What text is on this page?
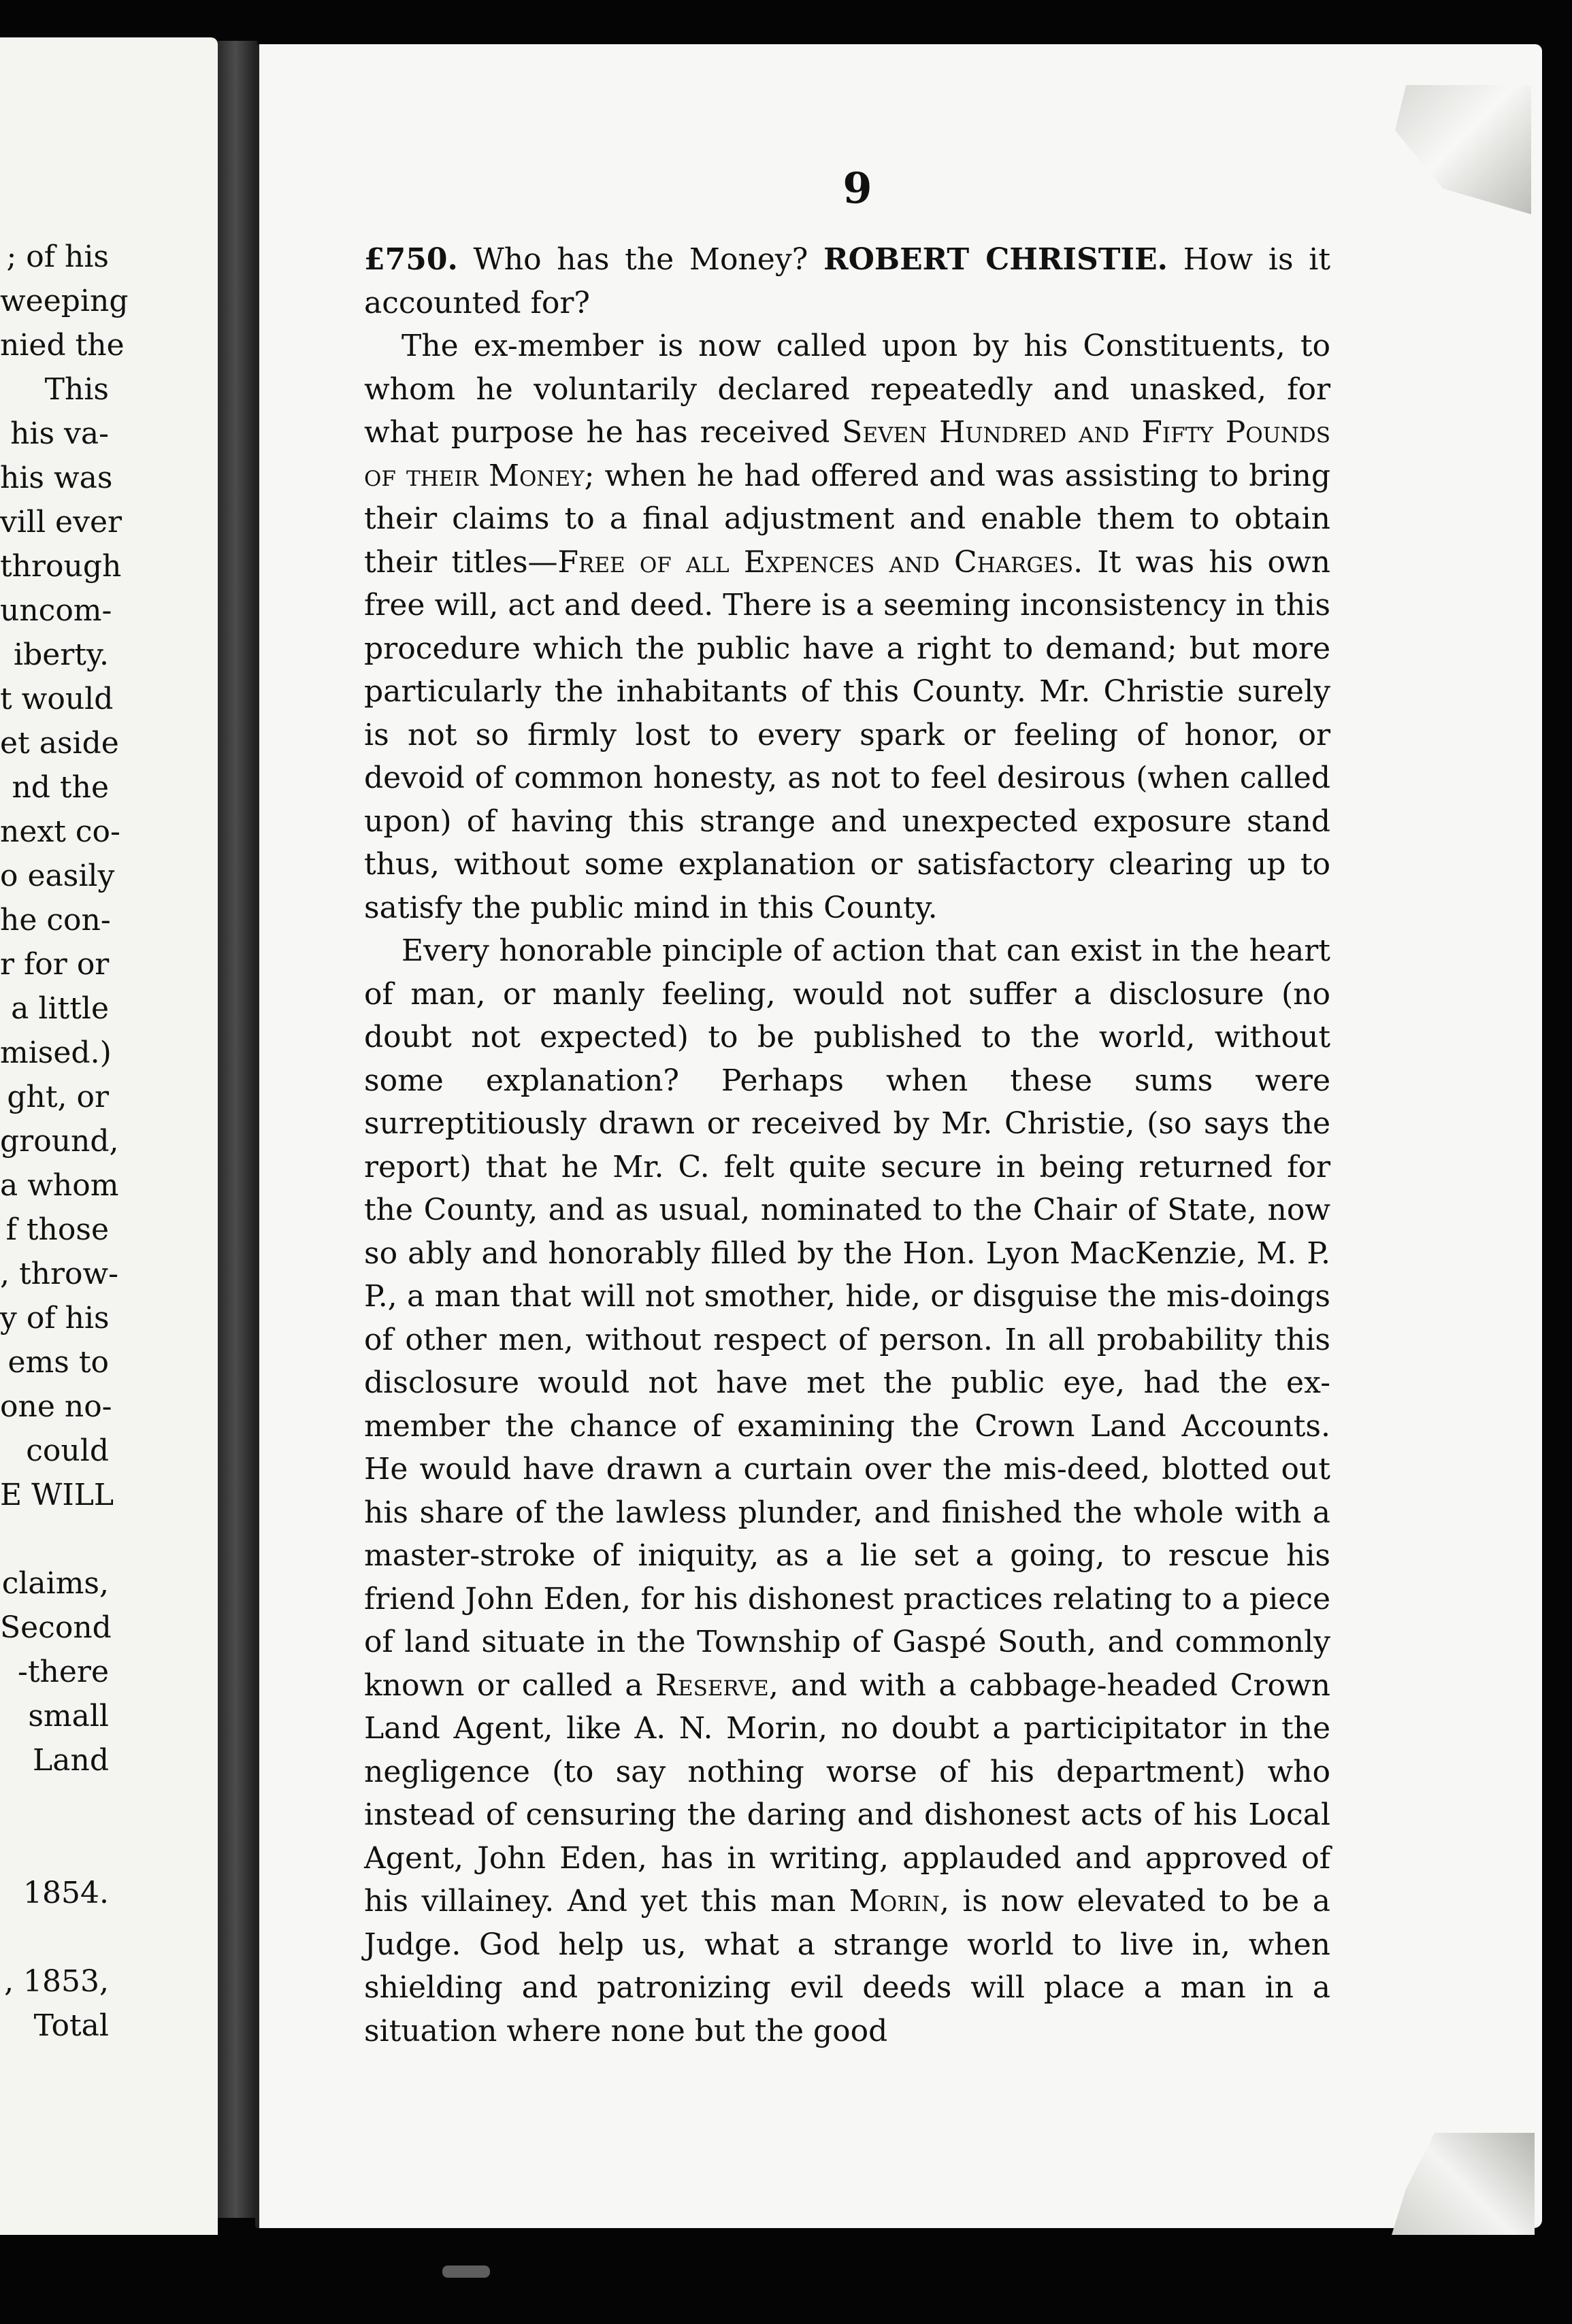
; of his
weeping
nied the
This
his va-
his was
vill ever
through
uncom-
iberty.
t would
et aside
nd the
next co-
o easily
he con-
r for or
a little
mised.)
ght, or
ground,
a whom
f those
, throw-
y of his
ems to
one no-
could
E WILL
claims,
Second
-there
small
Land
1854.
, 1853,
Total
9

£750. Who has the Money? ROBERT CHRISTIE. How is it accounted for?

The ex-member is now called upon by his Constituents, to whom he voluntarily declared repeatedly and unasked, for what purpose he has received Seven Hundred and Fifty Pounds of their Money; when he had offered and was assisting to bring their claims to a final adjustment and enable them to obtain their titles—Free of all Expences and Charges. It was his own free will, act and deed. There is a seeming inconsistency in this procedure which the public have a right to demand; but more particularly the inhabitants of this County. Mr. Christie surely is not so firmly lost to every spark or feeling of honor, or devoid of common honesty, as not to feel desirous (when called upon) of having this strange and unexpected exposure stand thus, without some explanation or satisfactory clearing up to satisfy the public mind in this County.

Every honorable pinciple of action that can exist in the heart of man, or manly feeling, would not suffer a disclosure (no doubt not expected) to be published to the world, without some explanation? Perhaps when these sums were surreptitiously drawn or received by Mr. Christie, (so says the report) that he Mr. C. felt quite secure in being returned for the County, and as usual, nominated to the Chair of State, now so ably and honorably filled by the Hon. Lyon MacKenzie, M. P. P., a man that will not smother, hide, or disguise the mis-doings of other men, without respect of person. In all probability this disclosure would not have met the public eye, had the ex-member the chance of examining the Crown Land Accounts. He would have drawn a curtain over the mis-deed, blotted out his share of the lawless plunder, and finished the whole with a master-stroke of iniquity, as a lie set a going, to rescue his friend John Eden, for his dishonest practices relating to a piece of land situate in the Township of Gaspé South, and commonly known or called a Reserve, and with a cabbage-headed Crown Land Agent, like A. N. Morin, no doubt a participitator in the negligence (to say nothing worse of his department) who instead of censuring the daring and dishonest acts of his Local Agent, John Eden, has in writing, applauded and approved of his villainey. And yet this man Morin, is now elevated to be a Judge. God help us, what a strange world to live in, when shielding and patronizing evil deeds will place a man in a situation where none but the good
